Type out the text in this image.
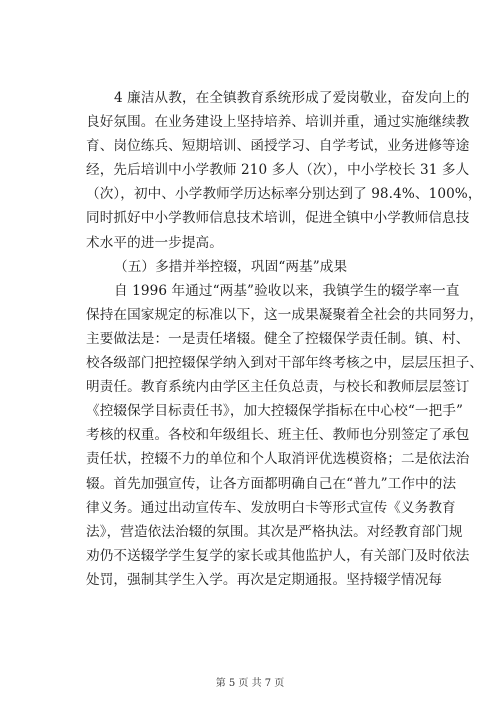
4 廉洁从教，在全镇教育系统形成了爱岗敬业，奋发向上的
良好氛围。在业务建设上坚持培养、培训并重，通过实施继续教
育、岗位练兵、短期培训、函授学习、自学考试，业务进修等途
经，先后培训中小学教师 210 多人（次），中小学校长 31 多人
（次），初中、小学教师学历达标率分别达到了 98.4%、100%，
同时抓好中小学教师信息技术培训，促进全镇中小学教师信息技
术水平的进一步提高。
（五）多措并举控辍，巩固“两基”成果
自 1996 年通过“两基”验收以来，我镇学生的辍学率一直
保持在国家规定的标准以下，这一成果凝聚着全社会的共同努力，
主要做法是：一是责任堵辍。健全了控辍保学责任制。镇、村、
校各级部门把控辍保学纳入到对干部年终考核之中，层层压担子、
明责任。教育系统内由学区主任负总责，与校长和教师层层签订
《控辍保学目标责任书》，加大控辍保学指标在中心校“一把手”
考核的权重。各校和年级组长、班主任、教师也分别签定了承包
责任状，控辍不力的单位和个人取消评优选模资格；二是依法治
辍。首先加强宣传，让各方面都明确自己在“普九”工作中的法
律义务。通过出动宣传车、发放明白卡等形式宣传《义务教育
法》，营造依法治辍的氛围。其次是严格执法。对经教育部门规
劝仍不送辍学学生复学的家长或其他监护人，有关部门及时依法
处罚，强制其学生入学。再次是定期通报。坚持辍学情况每
第 5 页 共 7 页
